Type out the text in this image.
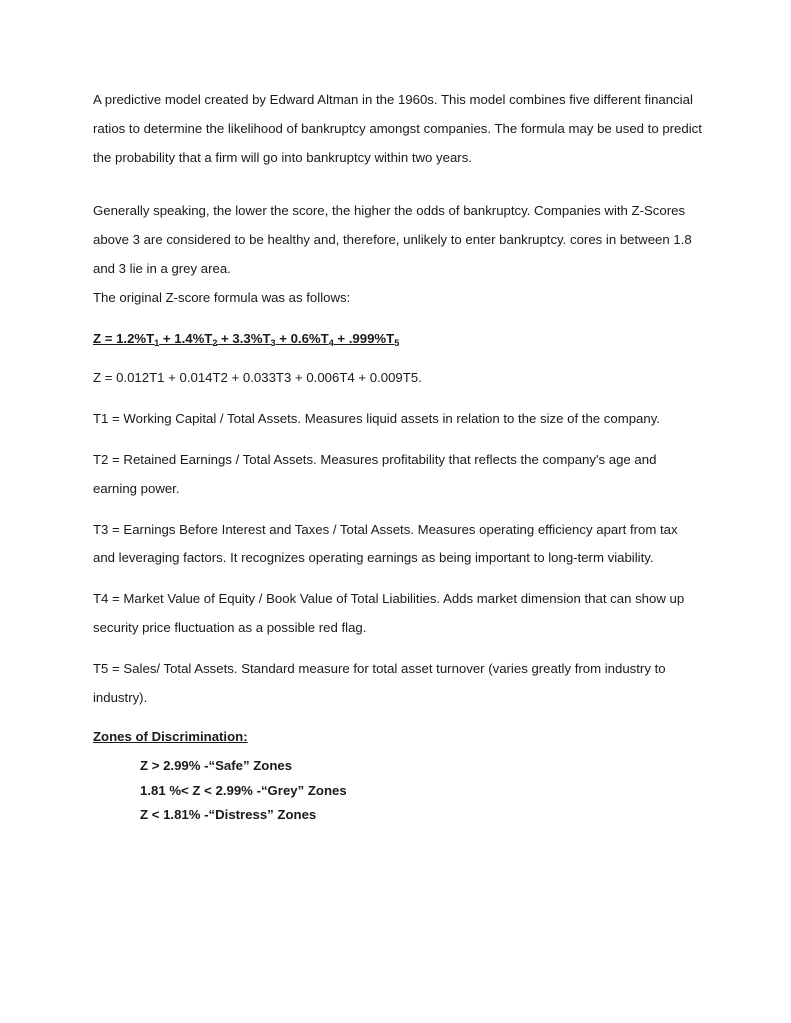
A predictive model created by Edward Altman in the 1960s. This model combines five different financial ratios to determine the likelihood of bankruptcy amongst companies. The formula may be used to predict the probability that a firm will go into bankruptcy within two years.

Generally speaking, the lower the score, the higher the odds of bankruptcy. Companies with Z-Scores above 3 are considered to be healthy and, therefore, unlikely to enter bankruptcy. cores in between 1.8 and 3 lie in a grey area.

The original Z-score formula was as follows:

$Z = 1.2\%T_1 + 1.4\%T_2 + 3.3\%T_3 + 0.6\%T_4 + .999\%T_5$

Z = 0.012T1 + 0.014T2 + 0.033T3 + 0.006T4 + 0.009T5.

T1 = Working Capital / Total Assets. Measures liquid assets in relation to the size of the company.

T2 = Retained Earnings / Total Assets. Measures profitability that reflects the company's age and earning power.

T3 = Earnings Before Interest and Taxes / Total Assets. Measures operating efficiency apart from tax and leveraging factors. It recognizes operating earnings as being important to long-term viability.

T4 = Market Value of Equity / Book Value of Total Liabilities. Adds market dimension that can show up security price fluctuation as a possible red flag.

T5 = Sales/ Total Assets. Standard measure for total asset turnover (varies greatly from industry to industry).

Zones of Discrimination:

Z > 2.99% -“Safe” Zones
1.81 %< Z < 2.99% -“Grey” Zones
Z < 1.81% -“Distress” Zones
